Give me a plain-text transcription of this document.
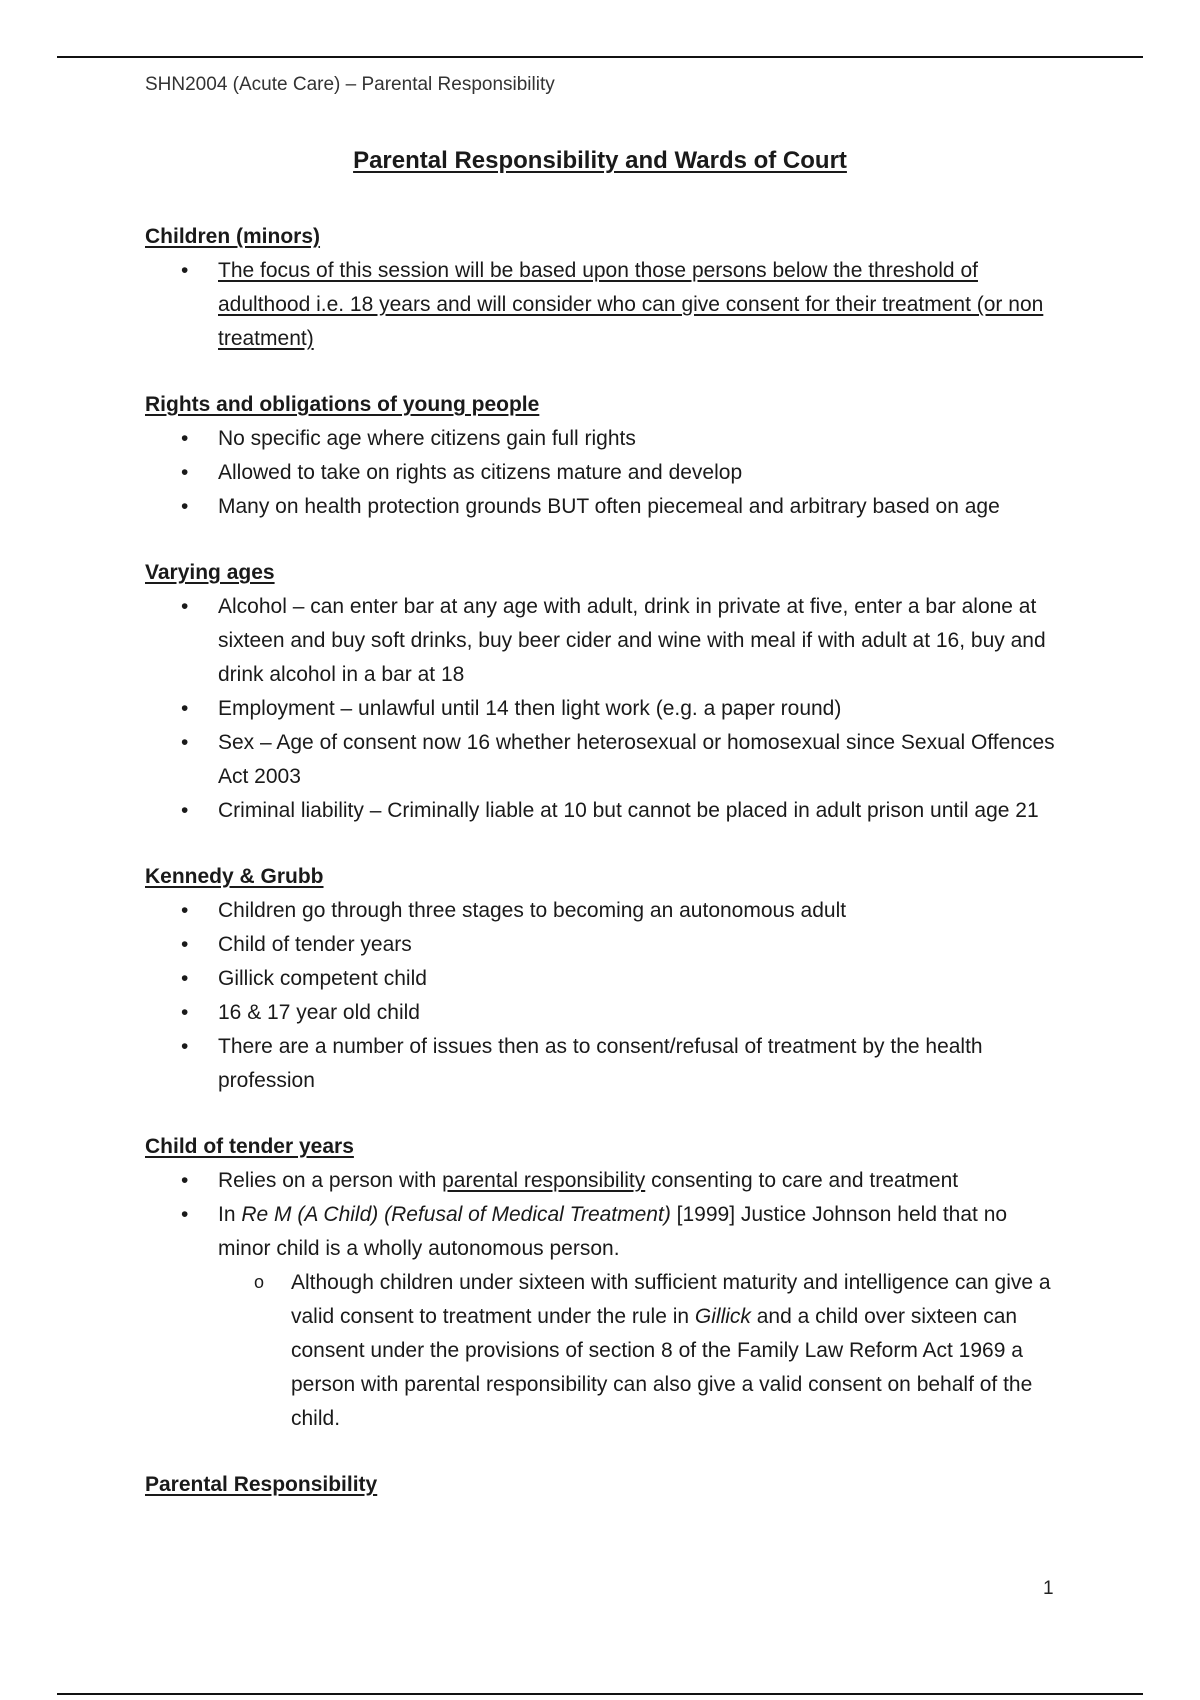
SHN2004 (Acute Care) – Parental Responsibility
Parental Responsibility and Wards of Court

Children (minors)

• The focus of this session will be based upon those persons below the threshold of adulthood i.e. 18 years and will consider who can give consent for their treatment (or non treatment)

Rights and obligations of young people

• No specific age where citizens gain full rights
• Allowed to take on rights as citizens mature and develop
• Many on health protection grounds BUT often piecemeal and arbitrary based on age

Varying ages

• Alcohol – can enter bar at any age with adult, drink in private at five, enter a bar alone at sixteen and buy soft drinks, buy beer cider and wine with meal if with adult at 16, buy and drink alcohol in a bar at 18
• Employment – unlawful until 14 then light work (e.g. a paper round)
• Sex – Age of consent now 16 whether heterosexual or homosexual since Sexual Offences Act 2003
• Criminal liability – Criminally liable at 10 but cannot be placed in adult prison until age 21

Kennedy & Grubb

• Children go through three stages to becoming an autonomous adult
• Child of tender years
• Gillick competent child
• 16 & 17 year old child
• There are a number of issues then as to consent/refusal of treatment by the health profession

Child of tender years

• Relies on a person with parental responsibility consenting to care and treatment
• In Re M (A Child) (Refusal of Medical Treatment) [1999] Justice Johnson held that no minor child is a wholly autonomous person.
o Although children under sixteen with sufficient maturity and intelligence can give a valid consent to treatment under the rule in Gillick and a child over sixteen can consent under the provisions of section 8 of the Family Law Reform Act 1969 a person with parental responsibility can also give a valid consent on behalf of the child.

Parental Responsibility

1
